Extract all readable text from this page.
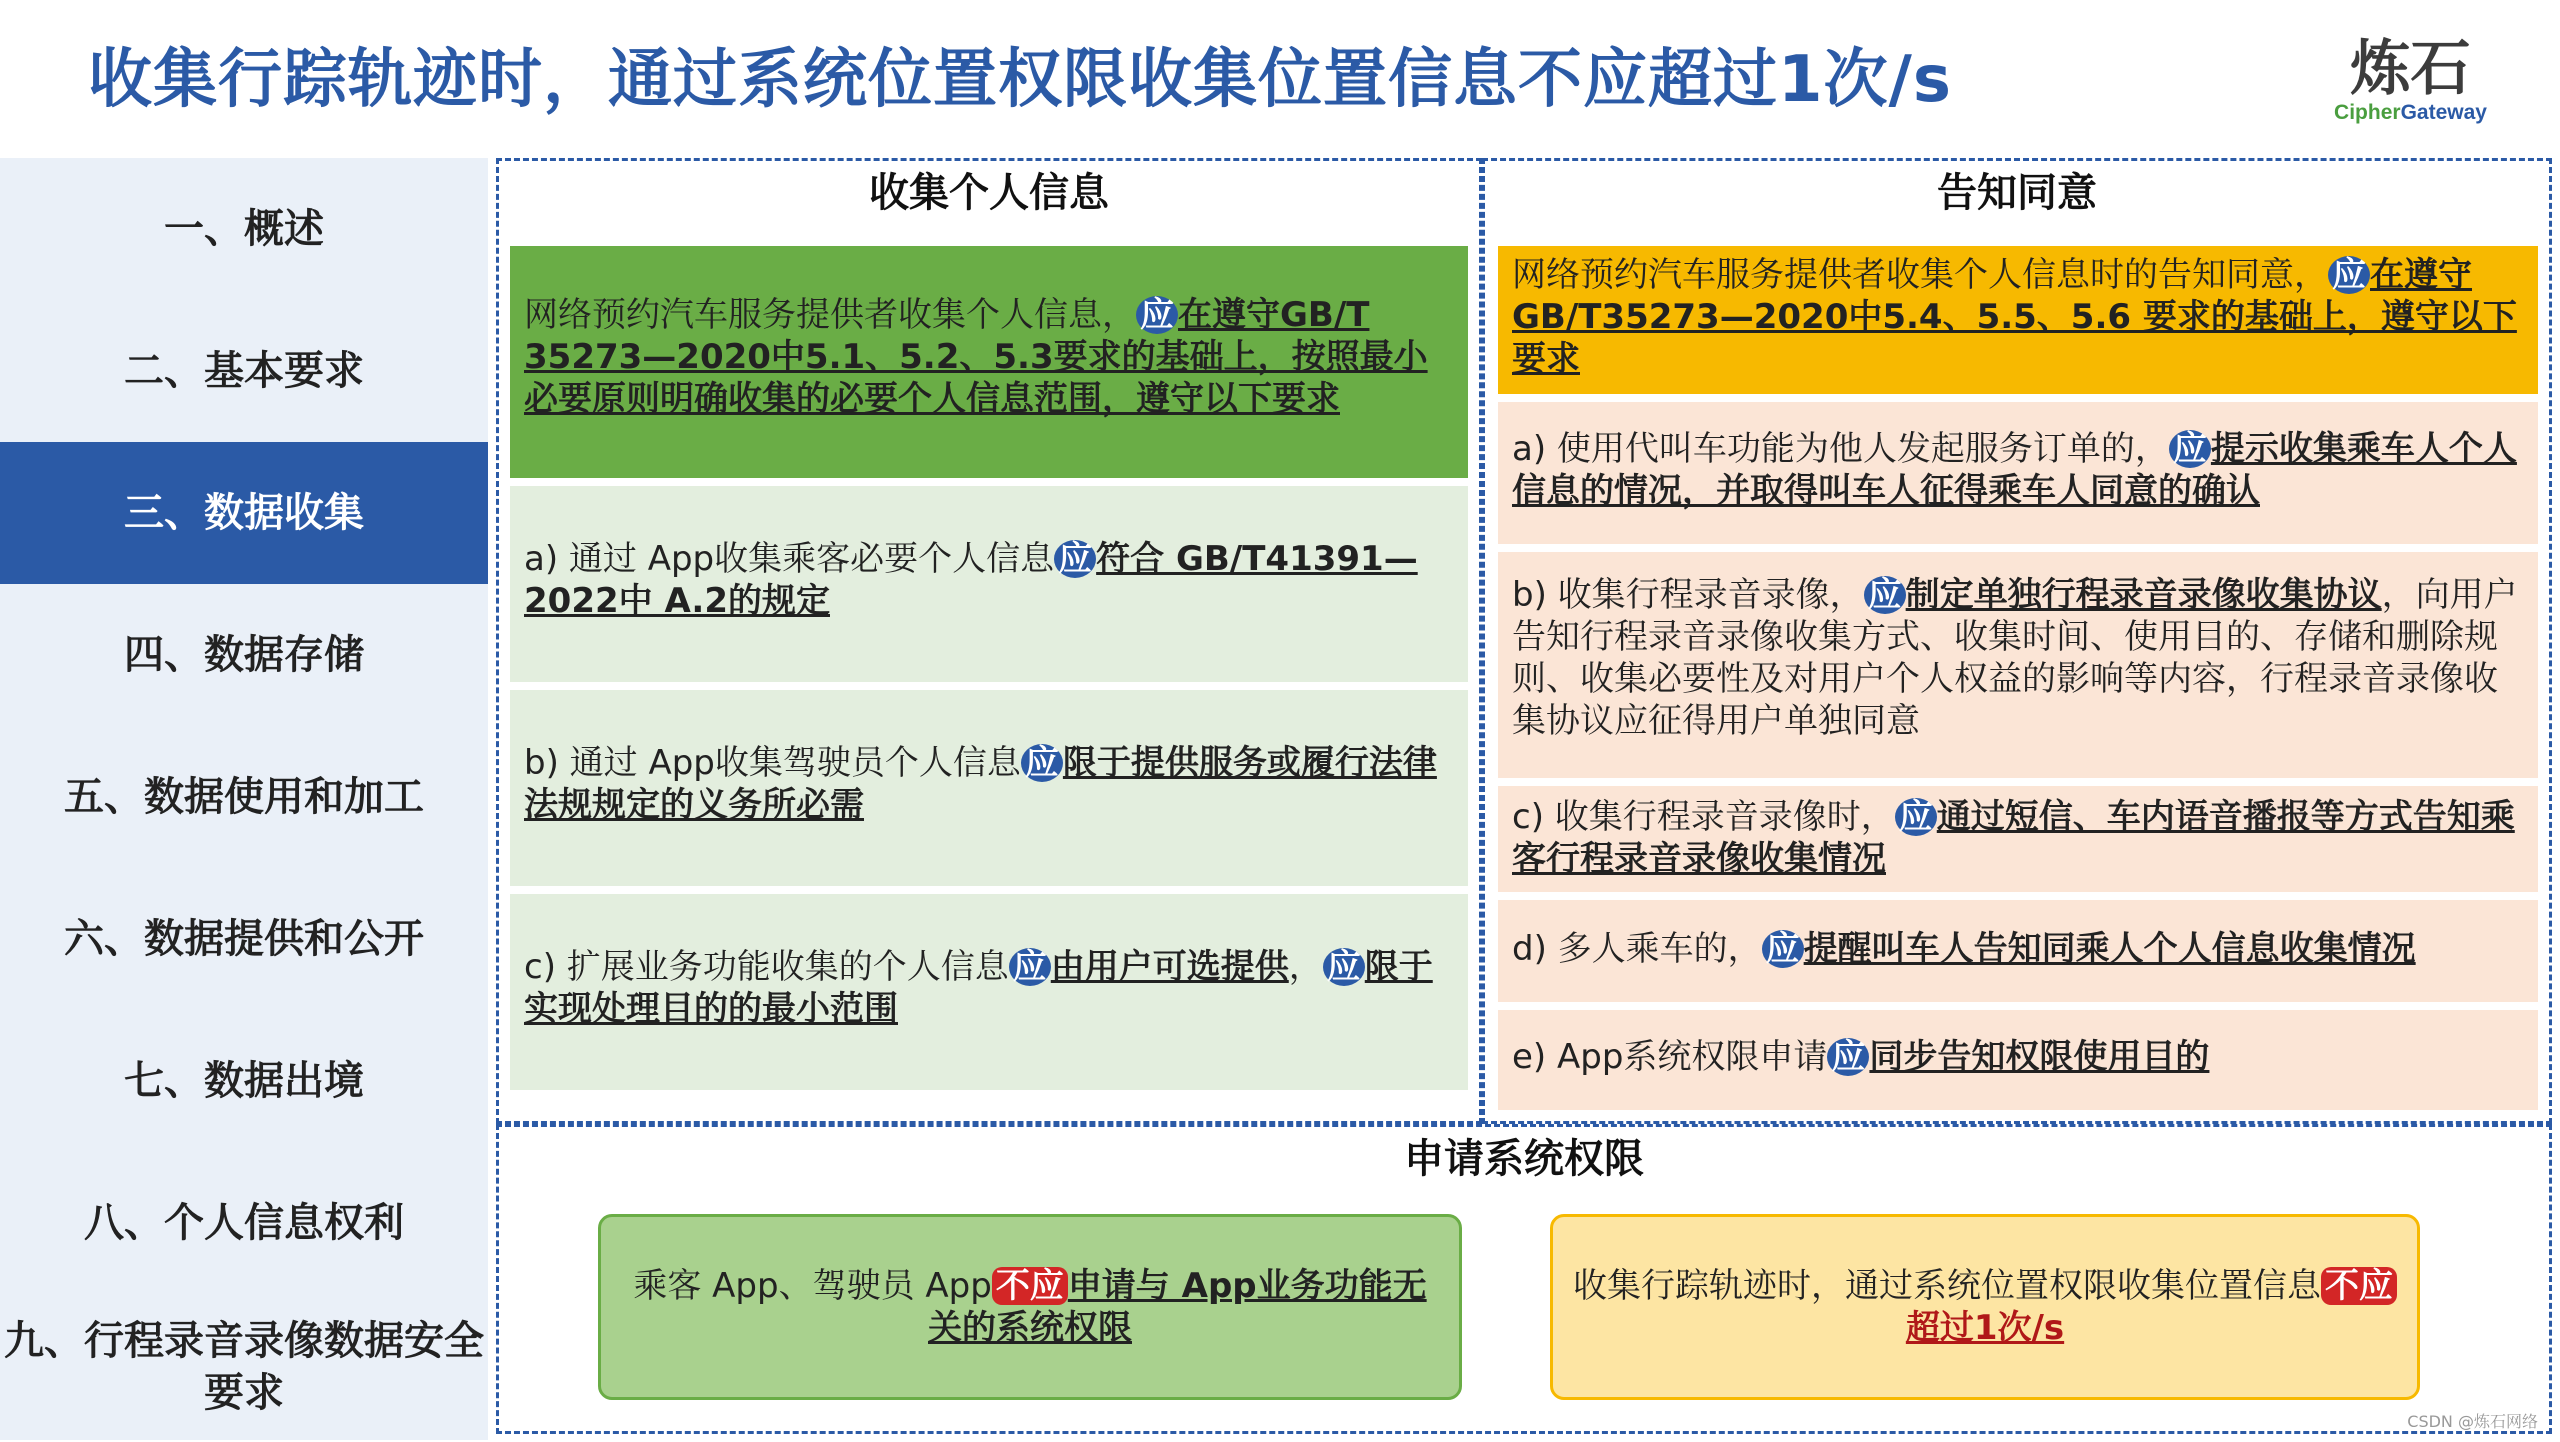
收集行踪轨迹时，通过系统位置权限收集位置信息不应超过1次/s	炼石
CipherGateway
一、概述
二、基本要求
三、数据收集
四、数据存储
五、数据使用和加工
六、数据提供和公开
七、数据出境
八、个人信息权利
九、行程录音录像数据安全要求
收集个人信息
网络预约汽车服务提供者收集个人信息， 应 在遵守GB/T 35273—2020中5.1、5.2、5.3要求的基础上，按照最小必要原则明确收集的必要个人信息范围，遵守以下要求
a) 通过 App收集乘客必要个人信息 应 符合 GB/T41391—2022中 A.2的规定
b) 通过 App收集驾驶员个人信息 应 限于提供服务或履行法律法规规定的义务所必需
c) 扩展业务功能收集的个人信息 应 由用户可选提供， 应 限于实现处理目的的最小范围
告知同意
网络预约汽车服务提供者收集个人信息时的告知同意， 应 在遵守GB/T35273—2020中5.4、5.5、5.6 要求的基础上，遵守以下要求
a) 使用代叫车功能为他人发起服务订单的， 应 提示收集乘车人个人信息的情况，并取得叫车人征得乘车人同意的确认
b) 收集行程录音录像， 应 制定单独行程录音录像收集协议，向用户告知行程录音录像收集方式、收集时间、使用目的、存储和删除规则、收集必要性及对用户个人权益的影响等内容，行程录音录像收集协议应征得用户单独同意
c) 收集行程录音录像时， 应 通过短信、车内语音播报等方式告知乘客行程录音录像收集情况
d) 多人乘车的， 应 提醒叫车人告知同乘人个人信息收集情况
e) App系统权限申请 应 同步告知权限使用目的
申请系统权限
乘客 App、驾驶员 App 不应 申请与 App业务功能无关的系统权限
收集行踪轨迹时，通过系统位置权限收集位置信息 不应超过1次/s
CSDN @炼石网络
